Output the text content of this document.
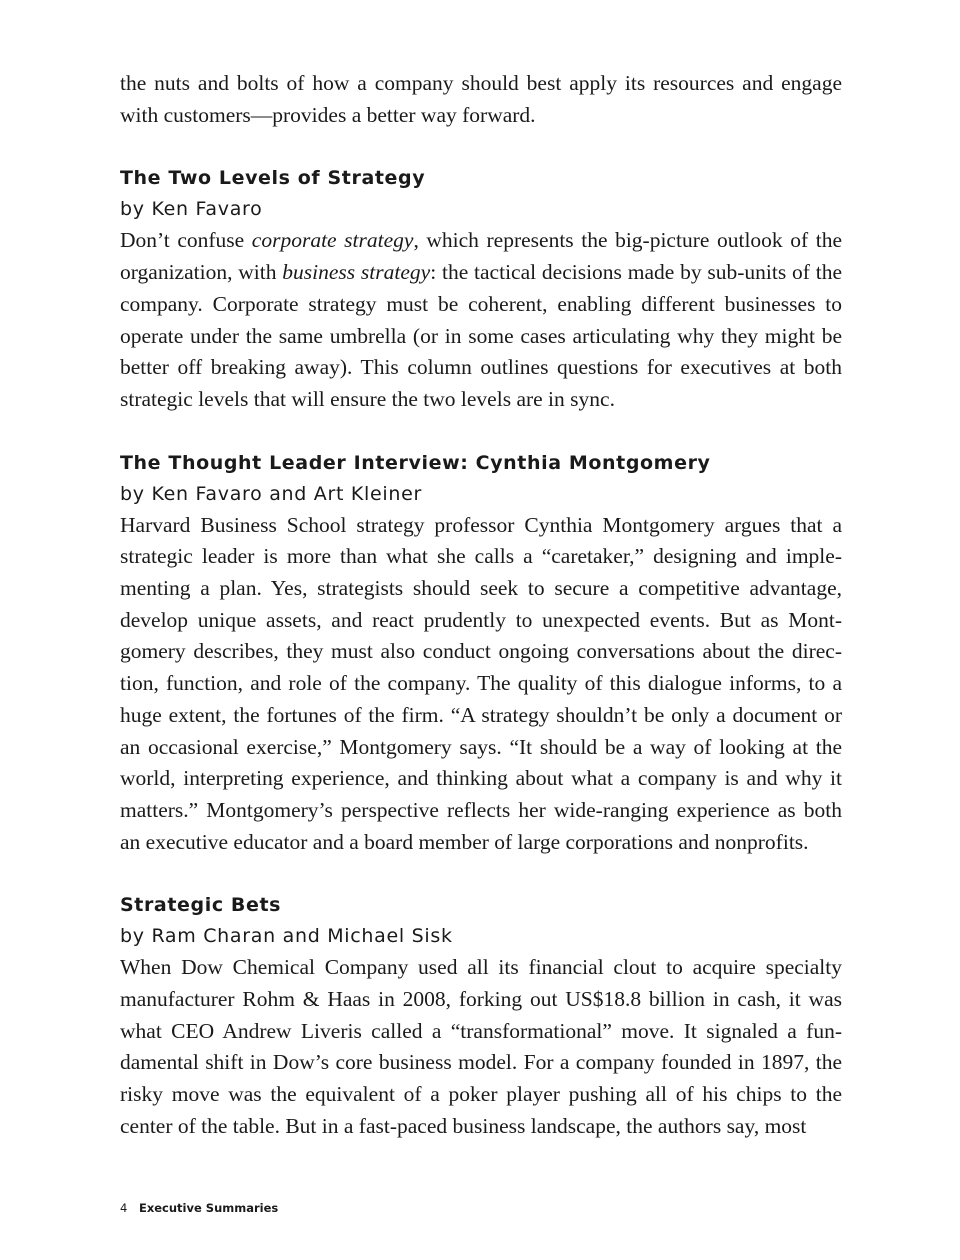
the nuts and bolts of how a company should best apply its resources and engage with customers—provides a better way forward.

The Two Levels of Strategy

by Ken Favaro

Don’t confuse corporate strategy, which represents the big-picture outlook of the organization, with business strategy: the tactical decisions made by sub-units of the company. Corporate strategy must be coherent, enabling different businesses to operate under the same umbrella (or in some cases articulating why they might be better off breaking away). This column outlines questions for executives at both strategic levels that will ensure the two levels are in sync.

The Thought Leader Interview: Cynthia Montgomery

by Ken Favaro and Art Kleiner

Harvard Business School strategy professor Cynthia Montgomery argues that a strategic leader is more than what she calls a “caretaker,” designing and implementing a plan. Yes, strategists should seek to secure a competitive advantage, develop unique assets, and react prudently to unexpected events. But as Montgomery describes, they must also conduct ongoing conversations about the direction, function, and role of the company. The quality of this dialogue informs, to a huge extent, the fortunes of the firm. “A strategy shouldn’t be only a document or an occasional exercise,” Montgomery says. “It should be a way of looking at the world, interpreting experience, and thinking about what a company is and why it matters.” Montgomery’s perspective reflects her wide-ranging experience as both an executive educator and a board member of large corporations and nonprofits.

Strategic Bets

by Ram Charan and Michael Sisk

When Dow Chemical Company used all its financial clout to acquire specialty manufacturer Rohm & Haas in 2008, forking out US$18.8 billion in cash, it was what CEO Andrew Liveris called a “transformational” move. It signaled a fundamental shift in Dow’s core business model. For a company founded in 1897, the risky move was the equivalent of a poker player pushing all of his chips to the center of the table. But in a fast-paced business landscape, the authors say, most

4 Executive Summaries
